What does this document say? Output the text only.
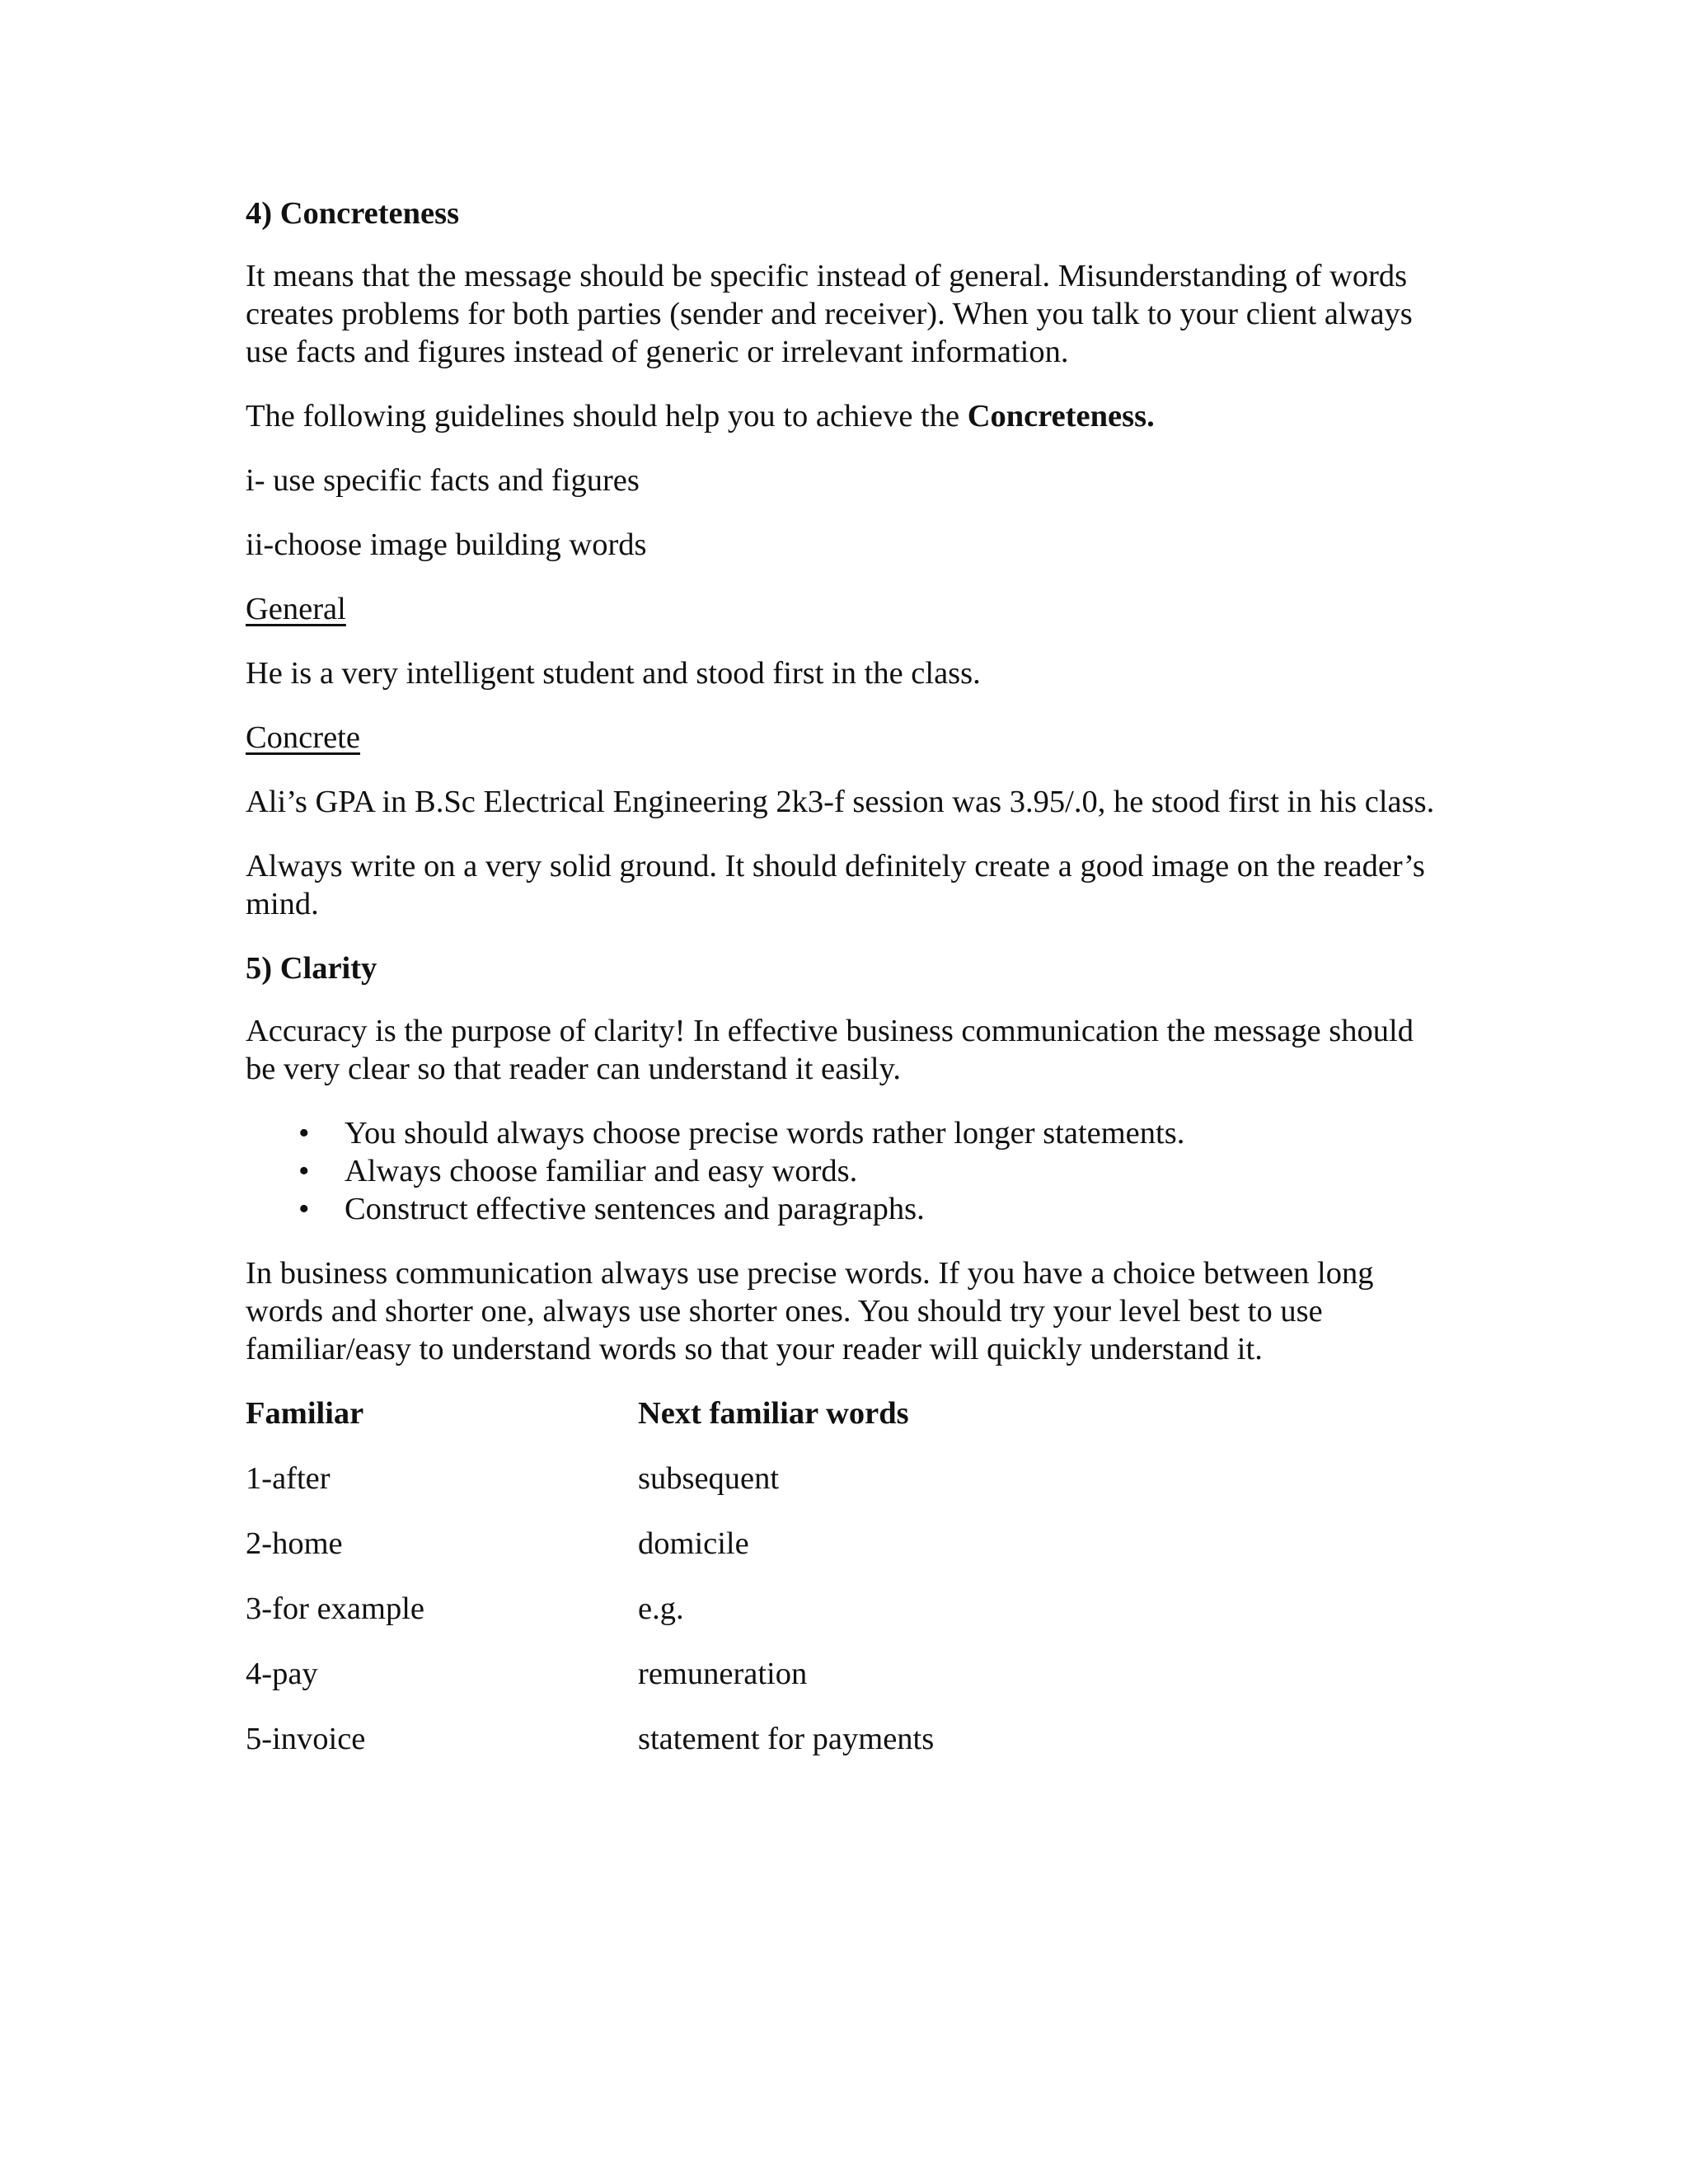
4) Concreteness

It means that the message should be specific instead of general. Misunderstanding of words creates problems for both parties (sender and receiver). When you talk to your client always use facts and figures instead of generic or irrelevant information.

The following guidelines should help you to achieve the Concreteness.

i- use specific facts and figures

ii-choose image building words

General

He is a very intelligent student and stood first in the class.

Concrete

Ali’s GPA in B.Sc Electrical Engineering 2k3-f session was 3.95/.0, he stood first in his class.

Always write on a very solid ground. It should definitely create a good image on the reader’s mind.

5) Clarity

Accuracy is the purpose of clarity! In effective business communication the message should be very clear so that reader can understand it easily.

• You should always choose precise words rather longer statements.
• Always choose familiar and easy words.
• Construct effective sentences and paragraphs.

In business communication always use precise words. If you have a choice between long words and shorter one, always use shorter ones. You should try your level best to use familiar/easy to understand words so that your reader will quickly understand it.

Familiar	Next familiar words
1-after	subsequent
2-home	domicile
3-for example	e.g.
4-pay	remuneration
5-invoice	statement for payments
